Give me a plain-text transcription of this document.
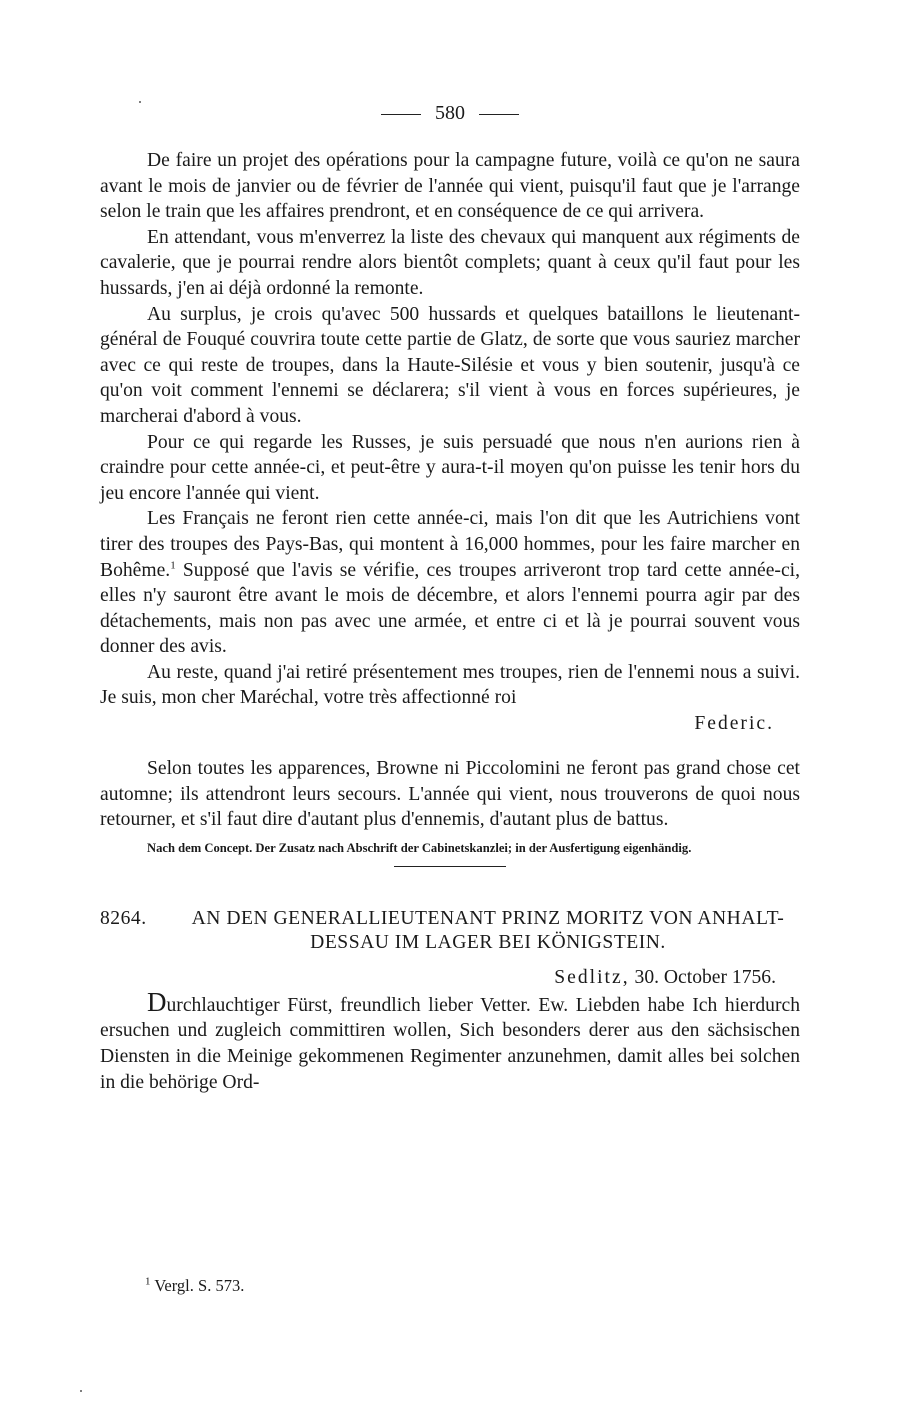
580

De faire un projet des opérations pour la campagne future, voilà ce qu'on ne saura avant le mois de janvier ou de février de l'année qui vient, puisqu'il faut que je l'arrange selon le train que les affaires prendront, et en conséquence de ce qui arrivera.

En attendant, vous m'enverrez la liste des chevaux qui manquent aux régiments de cavalerie, que je pourrai rendre alors bientôt complets; quant à ceux qu'il faut pour les hussards, j'en ai déjà ordonné la remonte.

Au surplus, je crois qu'avec 500 hussards et quelques bataillons le lieutenant-général de Fouqué couvrira toute cette partie de Glatz, de sorte que vous sauriez marcher avec ce qui reste de troupes, dans la Haute-Silésie et vous y bien soutenir, jusqu'à ce qu'on voit comment l'ennemi se déclarera; s'il vient à vous en forces supérieures, je marcherai d'abord à vous.

Pour ce qui regarde les Russes, je suis persuadé que nous n'en aurions rien à craindre pour cette année-ci, et peut-être y aura-t-il moyen qu'on puisse les tenir hors du jeu encore l'année qui vient.

Les Français ne feront rien cette année-ci, mais l'on dit que les Autrichiens vont tirer des troupes des Pays-Bas, qui montent à 16,000 hommes, pour les faire marcher en Bohême.$^1$ Supposé que l'avis se vérifie, ces troupes arriveront trop tard cette année-ci, elles n'y sauront être avant le mois de décembre, et alors l'ennemi pourra agir par des détachements, mais non pas avec une armée, et entre ci et là je pourrai souvent vous donner des avis.

Au reste, quand j'ai retiré présentement mes troupes, rien de l'ennemi nous a suivi. Je suis, mon cher Maréchal, votre très affectionné roi

Federic.

Selon toutes les apparences, Browne ni Piccolomini ne feront pas grand chose cet automne; ils attendront leurs secours. L'année qui vient, nous trouverons de quoi nous retourner, et s'il faut dire d'autant plus d'ennemis, d'autant plus de battus.

Nach dem Concept. Der Zusatz nach Abschrift der Cabinetskanzlei; in der Ausfertigung eigenhändig.

8264.	AN DEN GENERALLIEUTENANT PRINZ MORITZ VON ANHALT-DESSAU IM LAGER BEI KÖNIGSTEIN.

Sedlitz, 30. October 1756.

Durchlauchtiger Fürst, freundlich lieber Vetter. Ew. Liebden habe Ich hierdurch ersuchen und zugleich committiren wollen, Sich besonders derer aus den sächsischen Diensten in die Meinige gekommenen Regimenter anzunehmen, damit alles bei solchen in die behörige Ord-

$^1$ Vergl. S. 573.
